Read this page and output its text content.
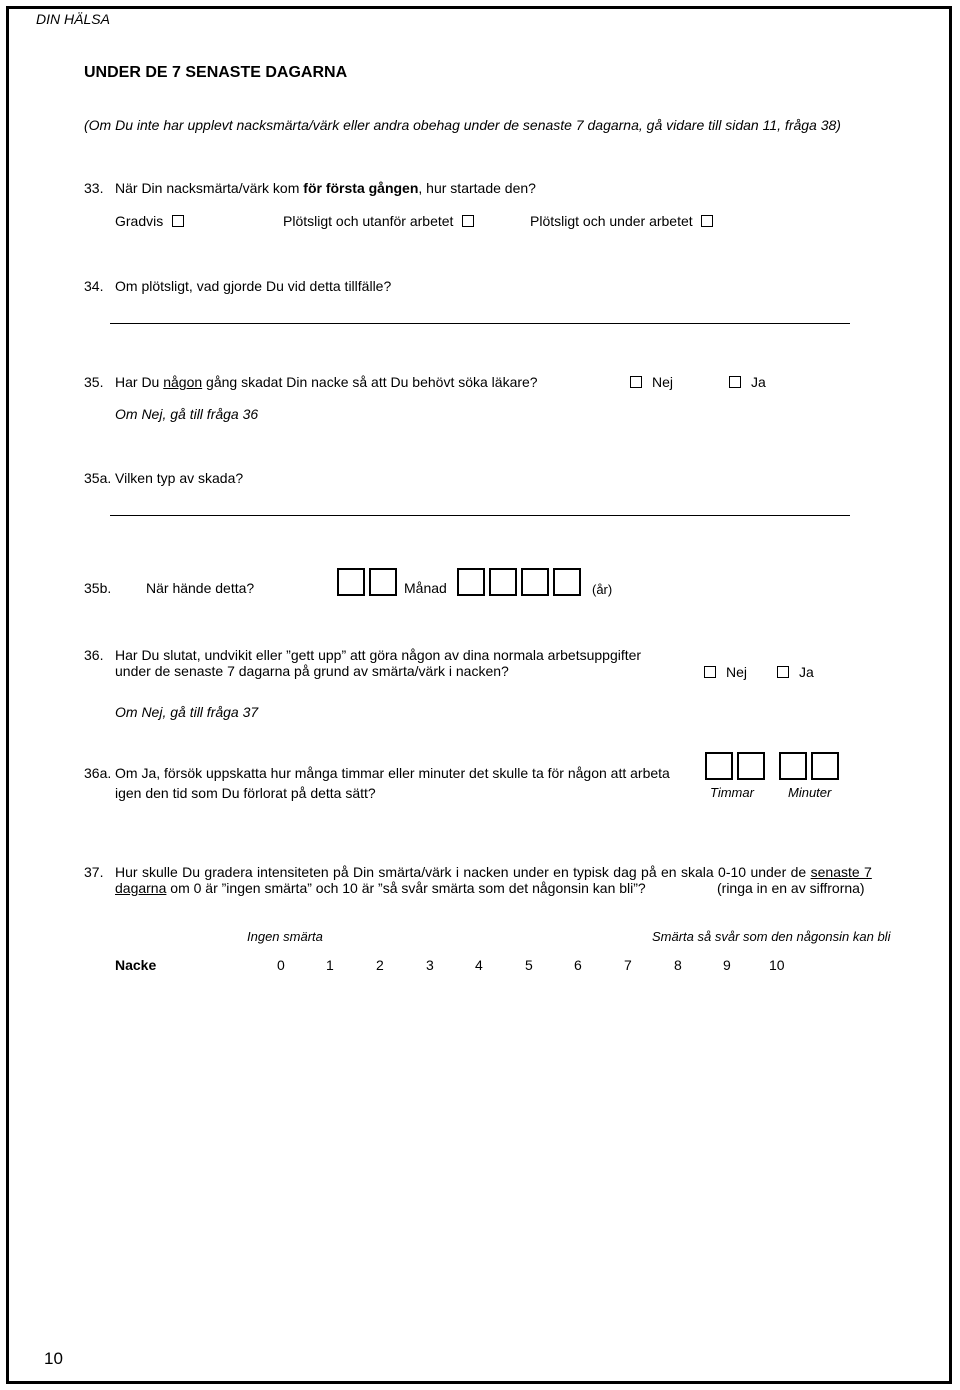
DIN HÄLSA
UNDER DE 7 SENASTE DAGARNA
(Om Du inte har upplevt nacksmärta/värk eller andra obehag under de senaste 7 dagarna, gå vidare till sidan 11, fråga 38)
33. När Din nacksmärta/värk kom för första gången, hur startade den?
Gradvis	Plötsligt och utanför arbetet	Plötsligt och under arbetet
34. Om plötsligt, vad gjorde Du vid detta tillfälle?
35. Har Du någon gång skadat Din nacke så att Du behövt söka läkare?	Nej	Ja
Om Nej, gå till fråga 36
35a. Vilken typ av skada?
35b. När hände detta?	Månad	(år)
36. Har Du slutat, undvikit eller ”gett upp” att göra någon av dina normala arbetsuppgifter
under de senaste 7 dagarna på grund av smärta/värk i nacken?	Nej	Ja
Om Nej, gå till fråga 37
36a. Om Ja, försök uppskatta hur många timmar eller minuter det skulle ta för någon att arbeta
igen den tid som Du förlorat på detta sätt?	Timmar	Minuter
37. Hur skulle Du gradera intensiteten på Din smärta/värk i nacken under en typisk dag på en skala 0-10 under de senaste 7
dagarna om 0 är ”ingen smärta” och 10 är ”så svår smärta som det någonsin kan bli”?	(ringa in en av siffrorna)
Ingen smärta	Smärta så svår som den någonsin kan bli
Nacke	0	1	2	3	4	5	6	7	8	9	10
10
